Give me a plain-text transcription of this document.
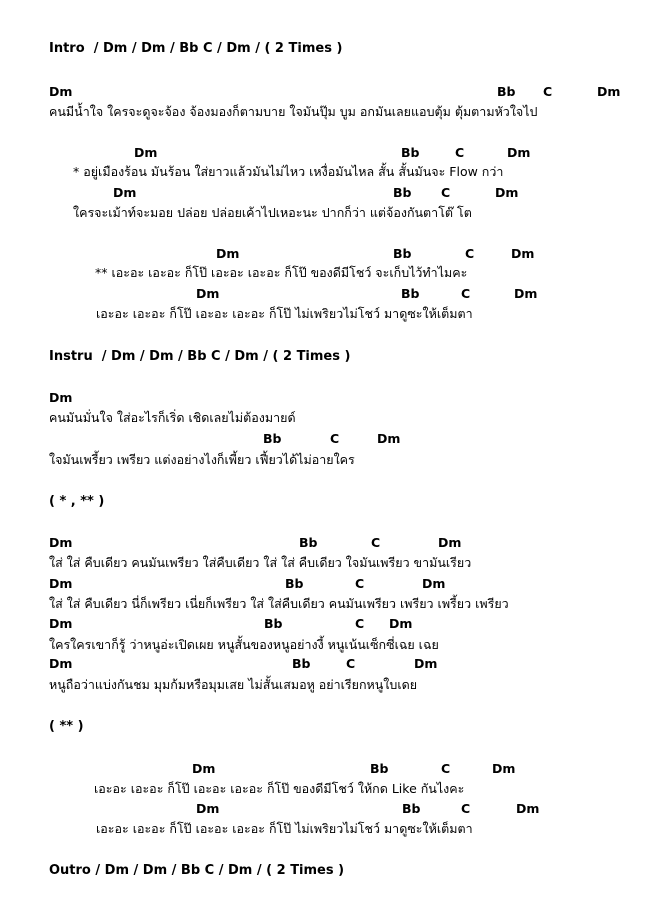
Intro  / Dm / Dm / Bb C / Dm / ( 2 Times )
Dm	Bb C	Dm
คนมีน้ำใจ ใครจะดูจะจ้อง จ้องมองก็ตามบาย ใจมันปุ๊ม บูม อกมันเลยแอบตุ้ม ตุ้มตามหัวใจไป
Dm	Bb	C	Dm
* อยู่เมืองร้อน มันร้อน ใส่ยาวแล้วมันไม่ไหว เหงื่อมันไหล สั้น สั้นมันจะ Flow กว่า
Dm	Bb C	Dm
ใครจะเม้าท์จะมอย ปล่อย ปล่อยเค้าไปเหอะนะ ปากก็ว่า แต่จ้องกันตาโต๊ โต
Dm	Bb	C	Dm
** เอะอะ เอะอะ ก็โป๊ เอะอะ เอะอะ ก็โป๊ ของดีมีโชว์ จะเก็บไว้ทำไมคะ
Dm	Bb	C	Dm
เอะอะ เอะอะ ก็โป๊ เอะอะ เอะอะ ก็โป๊ ไม่เพริยวไม่โชว์ มาดูซะให้เต็มตา
Instru  / Dm / Dm / Bb C / Dm / ( 2 Times )
Dm
คนมันมั่นใจ ใส่อะไรก็เริ่ด เชิดเลยไม่ต้องมายด์
Bb	C	Dm
ใจมันเพรี้ยว เพรียว แต่งอย่างไงก็เพี้ยว เฟี้ยวได้ไม่อายใคร
( * , ** )
Dm	Bb	C	Dm
ใส่ ใส่ คืบเดียว คนมันเพรียว ใส่คืบเดียว ใส่ ใส่ คืบเดียว ใจมันเพรียว ขามันเรียว
Dm	Bb	C	Dm
ใส่ ใส่ คืบเดียว นี่ก็เพรียว เนี่ยก็เพรียว ใส่ ใส่คืบเดียว คนมันเพรียว เพรียว เพรี้ยว เพรียว
Dm	Bb	C Dm
ใครใครเขาก็รู้ ว่าหนูอ่ะเปิดเผย หนูสั้นของหนูอย่างงี้ หนูเน้นเซ็กซี่เฉย เฉย
Dm	Bb	C	Dm
หนูถือว่าแบ่งกันชม มุมก้มหรือมุมเสย ไม่สั้นเสมอหู อย่าเรียกหนูใบเดย
( ** )
Dm	Bb	C	Dm
เอะอะ เอะอะ ก็โป๊ เอะอะ เอะอะ ก็โป๊ ของดีมีโชว์ ให้กด Like กันไงคะ
Dm	Bb	C	Dm
เอะอะ เอะอะ ก็โป๊ เอะอะ เอะอะ ก็โป๊ ไม่เพริยวไม่โชว์ มาดูซะให้เต็มตา
Outro / Dm / Dm / Bb C / Dm / ( 2 Times )
